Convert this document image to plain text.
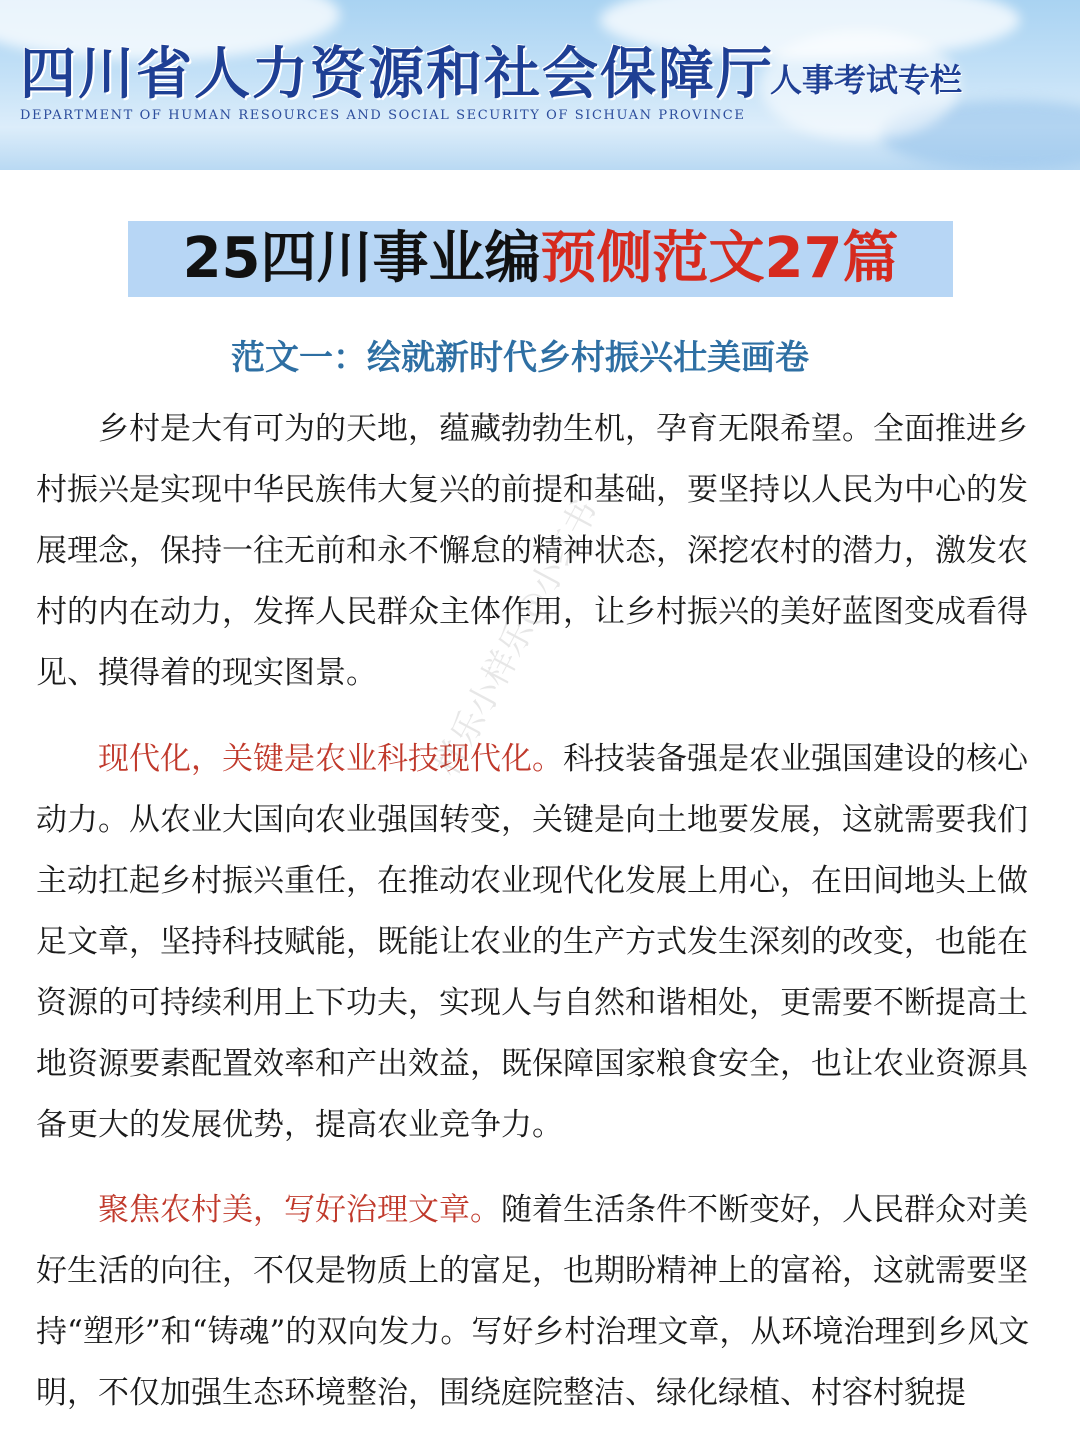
四川省人力资源和社会保障厅
DEPARTMENT OF HUMAN RESOURCES AND SOCIAL SECURITY OF SICHUAN PROVINCE
人事考试专栏
25四川事业编预侧范文27篇
范文一：绘就新时代乡村振兴壮美画卷

乡村是大有可为的天地，蕴藏勃勃生机，孕育无限希望。全面推进乡村振兴是实现中华民族伟大复兴的前提和基础，要坚持以人民为中心的发展理念，保持一往无前和永不懈怠的精神状态，深挖农村的潜力，激发农村的内在动力，发挥人民群众主体作用，让乡村振兴的美好蓝图变成看得见、摸得着的现实图景。

现代化，关键是农业科技现代化。科技装备强是农业强国建设的核心动力。从农业大国向农业强国转变，关键是向土地要发展，这就需要我们主动扛起乡村振兴重任，在推动农业现代化发展上用心，在田间地头上做足文章，坚持科技赋能，既能让农业的生产方式发生深刻的改变，也能在资源的可持续利用上下功夫，实现人与自然和谐相处，更需要不断提高土地资源要素配置效率和产出效益，既保障国家粮食安全，也让农业资源具备更大的发展优势，提高农业竞争力。

聚焦农村美，写好治理文章。随着生活条件不断变好，人民群众对美好生活的向往，不仅是物质上的富足，也期盼精神上的富裕，这就需要坚持“塑形”和“铸魂”的双向发力。写好乡村治理文章，从环境治理到乡风文明，不仅加强生态环境整治，围绕庭院整洁、绿化绿植、村容村貌提

样乐小样乐@小红书
